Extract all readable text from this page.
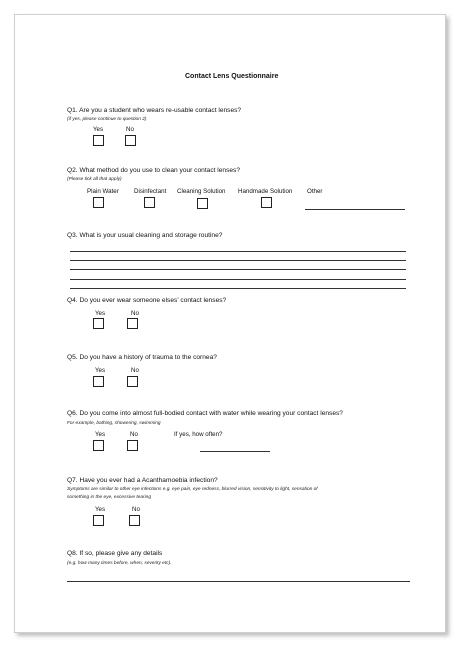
Contact Lens Questionnaire
Q1. Are you a student who wears re-usable contact lenses?
(if yes, please continue to question 2)
Yes	No
Q2. What method do you use to clean your contact lenses?
(Please tick all that apply)
Plain Water Disinfectant Cleaning Solution Handmade Solution Other
Q3. What is your usual cleaning and storage routine?
Q4. Do you ever wear someone elses' contact lenses?
Yes	No
Q5. Do you have a history of trauma to the cornea?
Yes	No
Q6. Do you come into almost full-bodied contact with water while wearing your contact lenses?
For example, bathing, showering, swimming
Yes	No	If yes, how often?
Q7. Have you ever had a Acanthamoebia infection?
Symptoms are similar to other eye infections e.g. eye pain, eye redness, blurred vision, sensitivity to light, sensation of
something in the eye, excessive tearing
Yes	No
Q8. If so, please give any details
(e.g. how many times before, when, severity etc).
